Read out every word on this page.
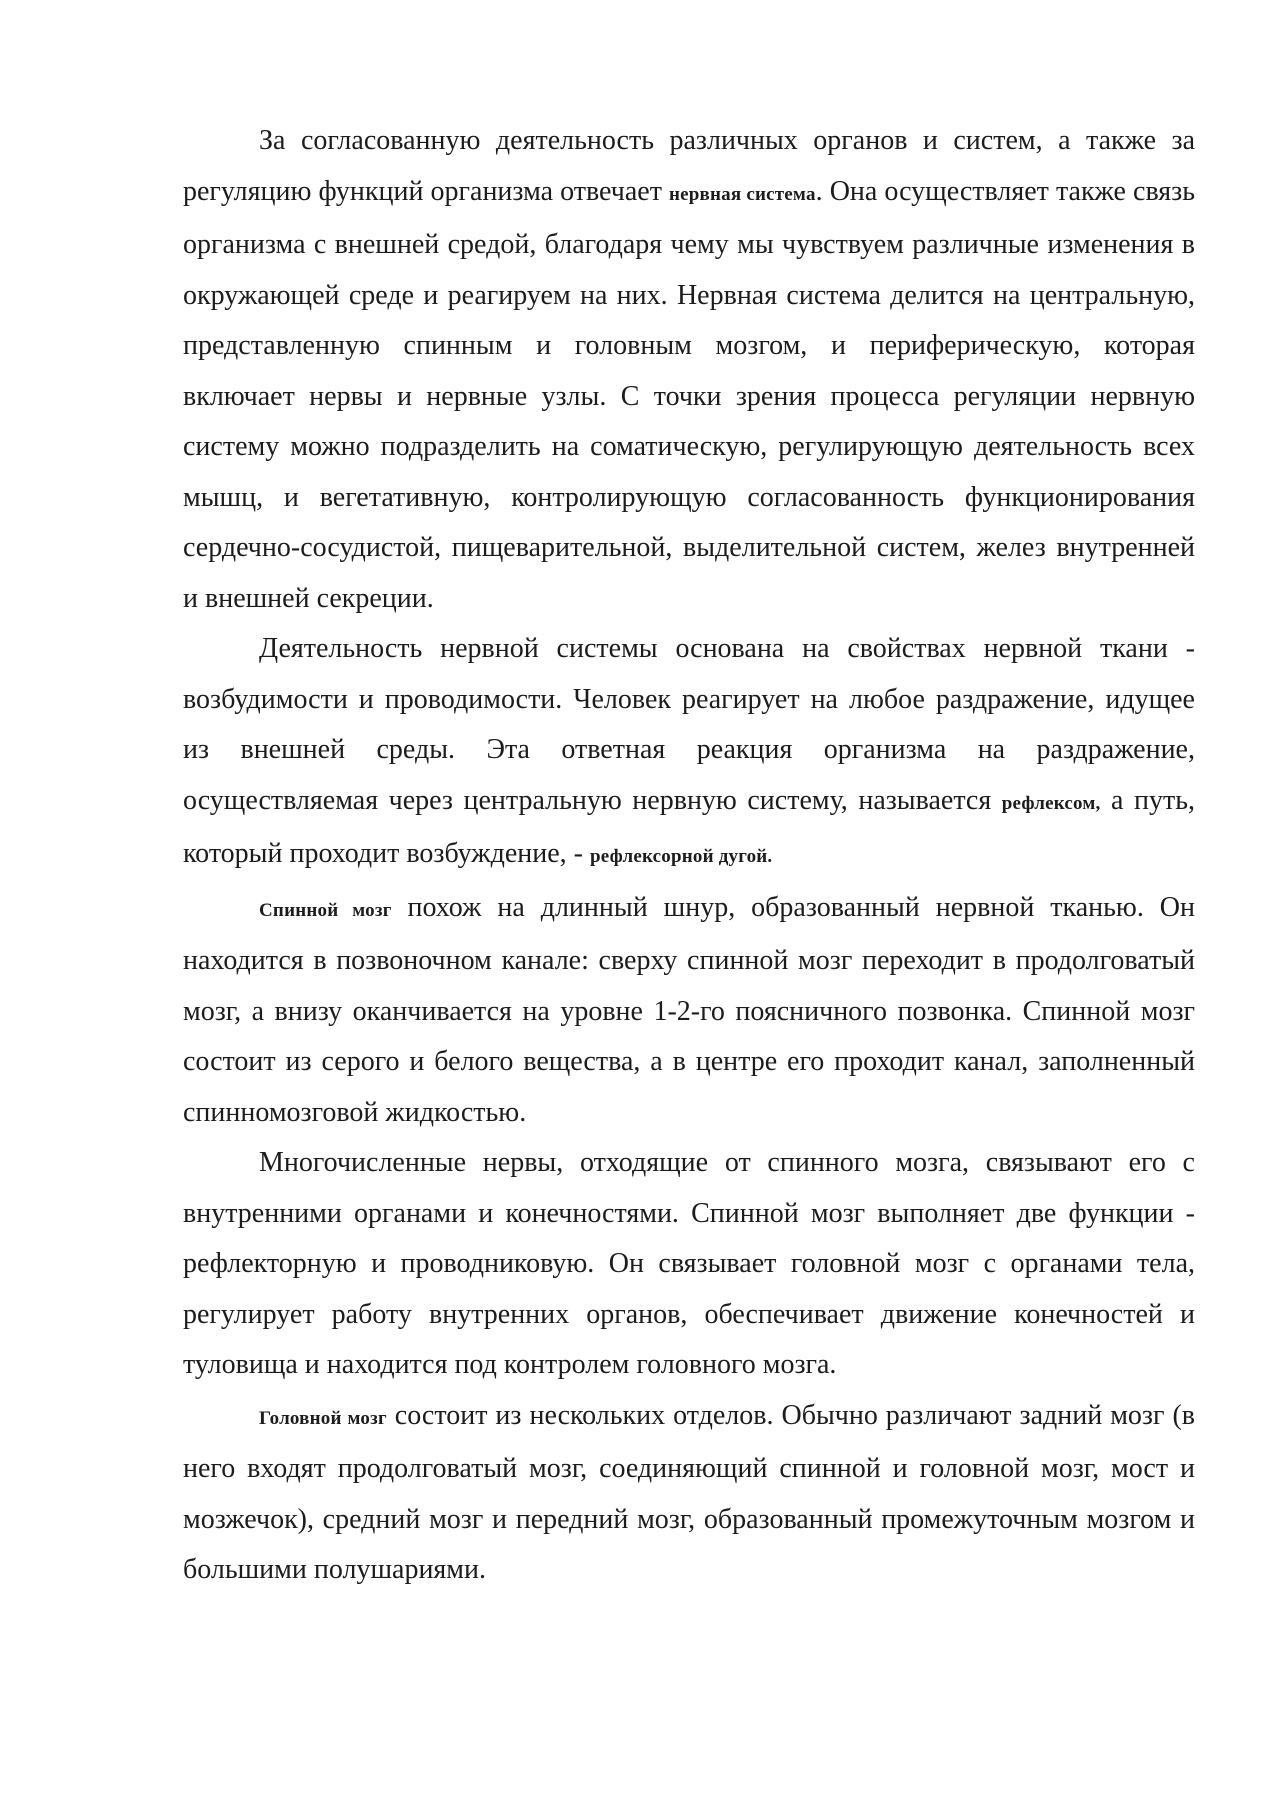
За согласованную деятельность различных органов и систем, а также за регуляцию функций организма отвечает нервная система. Она осуществляет также связь организма с внешней средой, благодаря чему мы чувствуем различные изменения в окружающей среде и реагируем на них. Нервная система делится на центральную, представленную спинным и головным мозгом, и периферическую, которая включает нервы и нервные узлы. С точки зрения процесса регуляции нервную систему можно подразделить на соматическую, регулирующую деятельность всех мышц, и вегетативную, контролирующую согласованность функционирования сердечно-сосудистой, пищеварительной, выделительной систем, желез внутренней и внешней секреции.

Деятельность нервной системы основана на свойствах нервной ткани - возбудимости и проводимости. Человек реагирует на любое раздражение, идущее из внешней среды. Эта ответная реакция организма на раздражение, осуществляемая через центральную нервную систему, называется рефлексом, а путь, который проходит возбуждение, - рефлексорной дугой.

Спинной мозг похож на длинный шнур, образованный нервной тканью. Он находится в позвоночном канале: сверху спинной мозг переходит в продолговатый мозг, а внизу оканчивается на уровне 1-2-го поясничного позвонка. Спинной мозг состоит из серого и белого вещества, а в центре его проходит канал, заполненный спинномозговой жидкостью.

Многочисленные нервы, отходящие от спинного мозга, связывают его с внутренними органами и конечностями. Спинной мозг выполняет две функции - рефлекторную и проводниковую. Он связывает головной мозг с органами тела, регулирует работу внутренних органов, обеспечивает движение конечностей и туловища и находится под контролем головного мозга.

Головной мозг состоит из нескольких отделов. Обычно различают задний мозг (в него входят продолговатый мозг, соединяющий спинной и головной мозг, мост и мозжечок), средний мозг и передний мозг, образованный промежуточным мозгом и большими полушариями.
